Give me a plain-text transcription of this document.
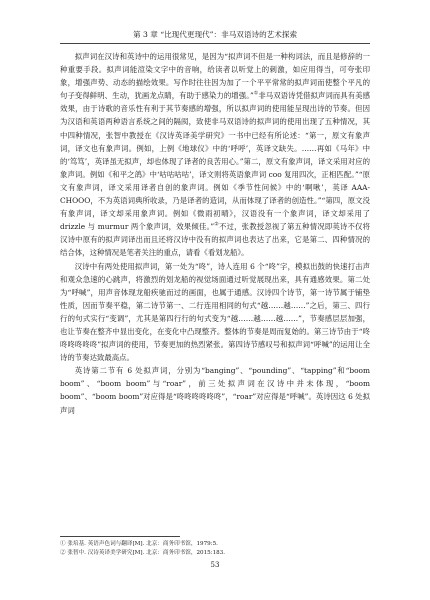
第 3 章 “比现代更现代”：非马双语诗的艺术探索

拟声词在汉诗和英诗中的运用很常见，是因为“拟声词不但是一种构词法，而且是修辞的一种重要手段。拟声词能渲染文字中的音响，给读者以听觉上的刺激，如应用得当，可夸张印象，增强声势、动态的描绘效果。写作时往往因为加了一个平平常常的拟声词而使整个平凡的句子变得鲜明、生动，犹画龙点睛，有助于感染力的增强。”①非马双语诗凭借拟声词而具有美感效果，由于诗歌的音乐性有利于其节奏感的增强，所以拟声词的使用能呈现出诗的节奏。但因为汉语和英语两种语言系统之间的隔阂，致使非马双语诗的拟声词的使用出现了五种情况，其中四种情况，张智中教授在《汉诗英译美学研究》一书中已经有所论述：“第一，原文有象声词，译文也有象声词。例如，上例《地球仪》中的‘呼呼’，英译文缺失。……再如《马年》中的‘笃笃’，英译虽无拟声，却也体现了译者的良苦用心。”第二，原文有象声词，译文采用对应的象声词。例如《和平之鸽》中‘咕咕咕咕’，译文则将英语象声词 coo 复用四次，正相匹配。”“原文有象声词，译文采用译者自创的象声词。例如《季节性问候》中的‘啊啾’，英译 AAA-CHOOO，不为英语词典所收录，乃是译者的造词，从而体现了译者的创造性。”“第四，原文没有象声词，译文却采用象声词。例如《微雨初晴》，汉语没有一个象声词，译文却采用了 drizzle 与 murmur 两个象声词，效果倾佳。”②不过，张教授忽视了第五种情况即英诗不仅将汉诗中原有的拟声词译出而且还将汉诗中没有的拟声词也表达了出来，它是第二、四种情况的结合体，这种情况是笔者关注的重点，请看《看划龙船》。

汉诗中有两处使用拟声词，第一处为“咚”，诗人连用 6 个“咚”字，模拟出鼓的快速打击声和观众急速的心跳声，将激烈的划龙船的视觉场面通过听觉展现出来，具有通感效果。第二处为“呼喊”，用声音体现龙船疾驰而过的画面，也属于通感。汉诗四个诗节，第一诗节属于铺垫性质，因而节奏平稳，第二诗节第一、二行连用相同的句式“越……越……”之后，第三、四行行的句式实行“变调”，尤其是第四行行的句式变为“越……越……越……”，节奏感层层加强，也让节奏在整齐中显出变化，在变化中凸现整齐。整体的节奏是周而复始的。第三诗节由于“咚咚咚咚咚咚”拟声词的使用，节奏更加的热烈紧张。第四诗节感叹号和拟声词“呼喊”的运用让全诗的节奏达致最高点。

英诗第二节有 6 处拟声词，分别为“banging”、“pounding”、“tapping”和“boom boom”、“boom boom”与“roar”，前三处拟声词在汉诗中并未体现，“boom boom”、“boom boom”对应得是“咚咚咚咚咚咚”，“roar”对应得是“呼喊”。英诗因这 6 处拟声词

① 张培基. 英语声色词与翻译[M]. 北京：商务印书馆，1979:5.
② 张智中. 汉诗英译美学研究[M]. 北京：商务印书馆，2015:183.
53
